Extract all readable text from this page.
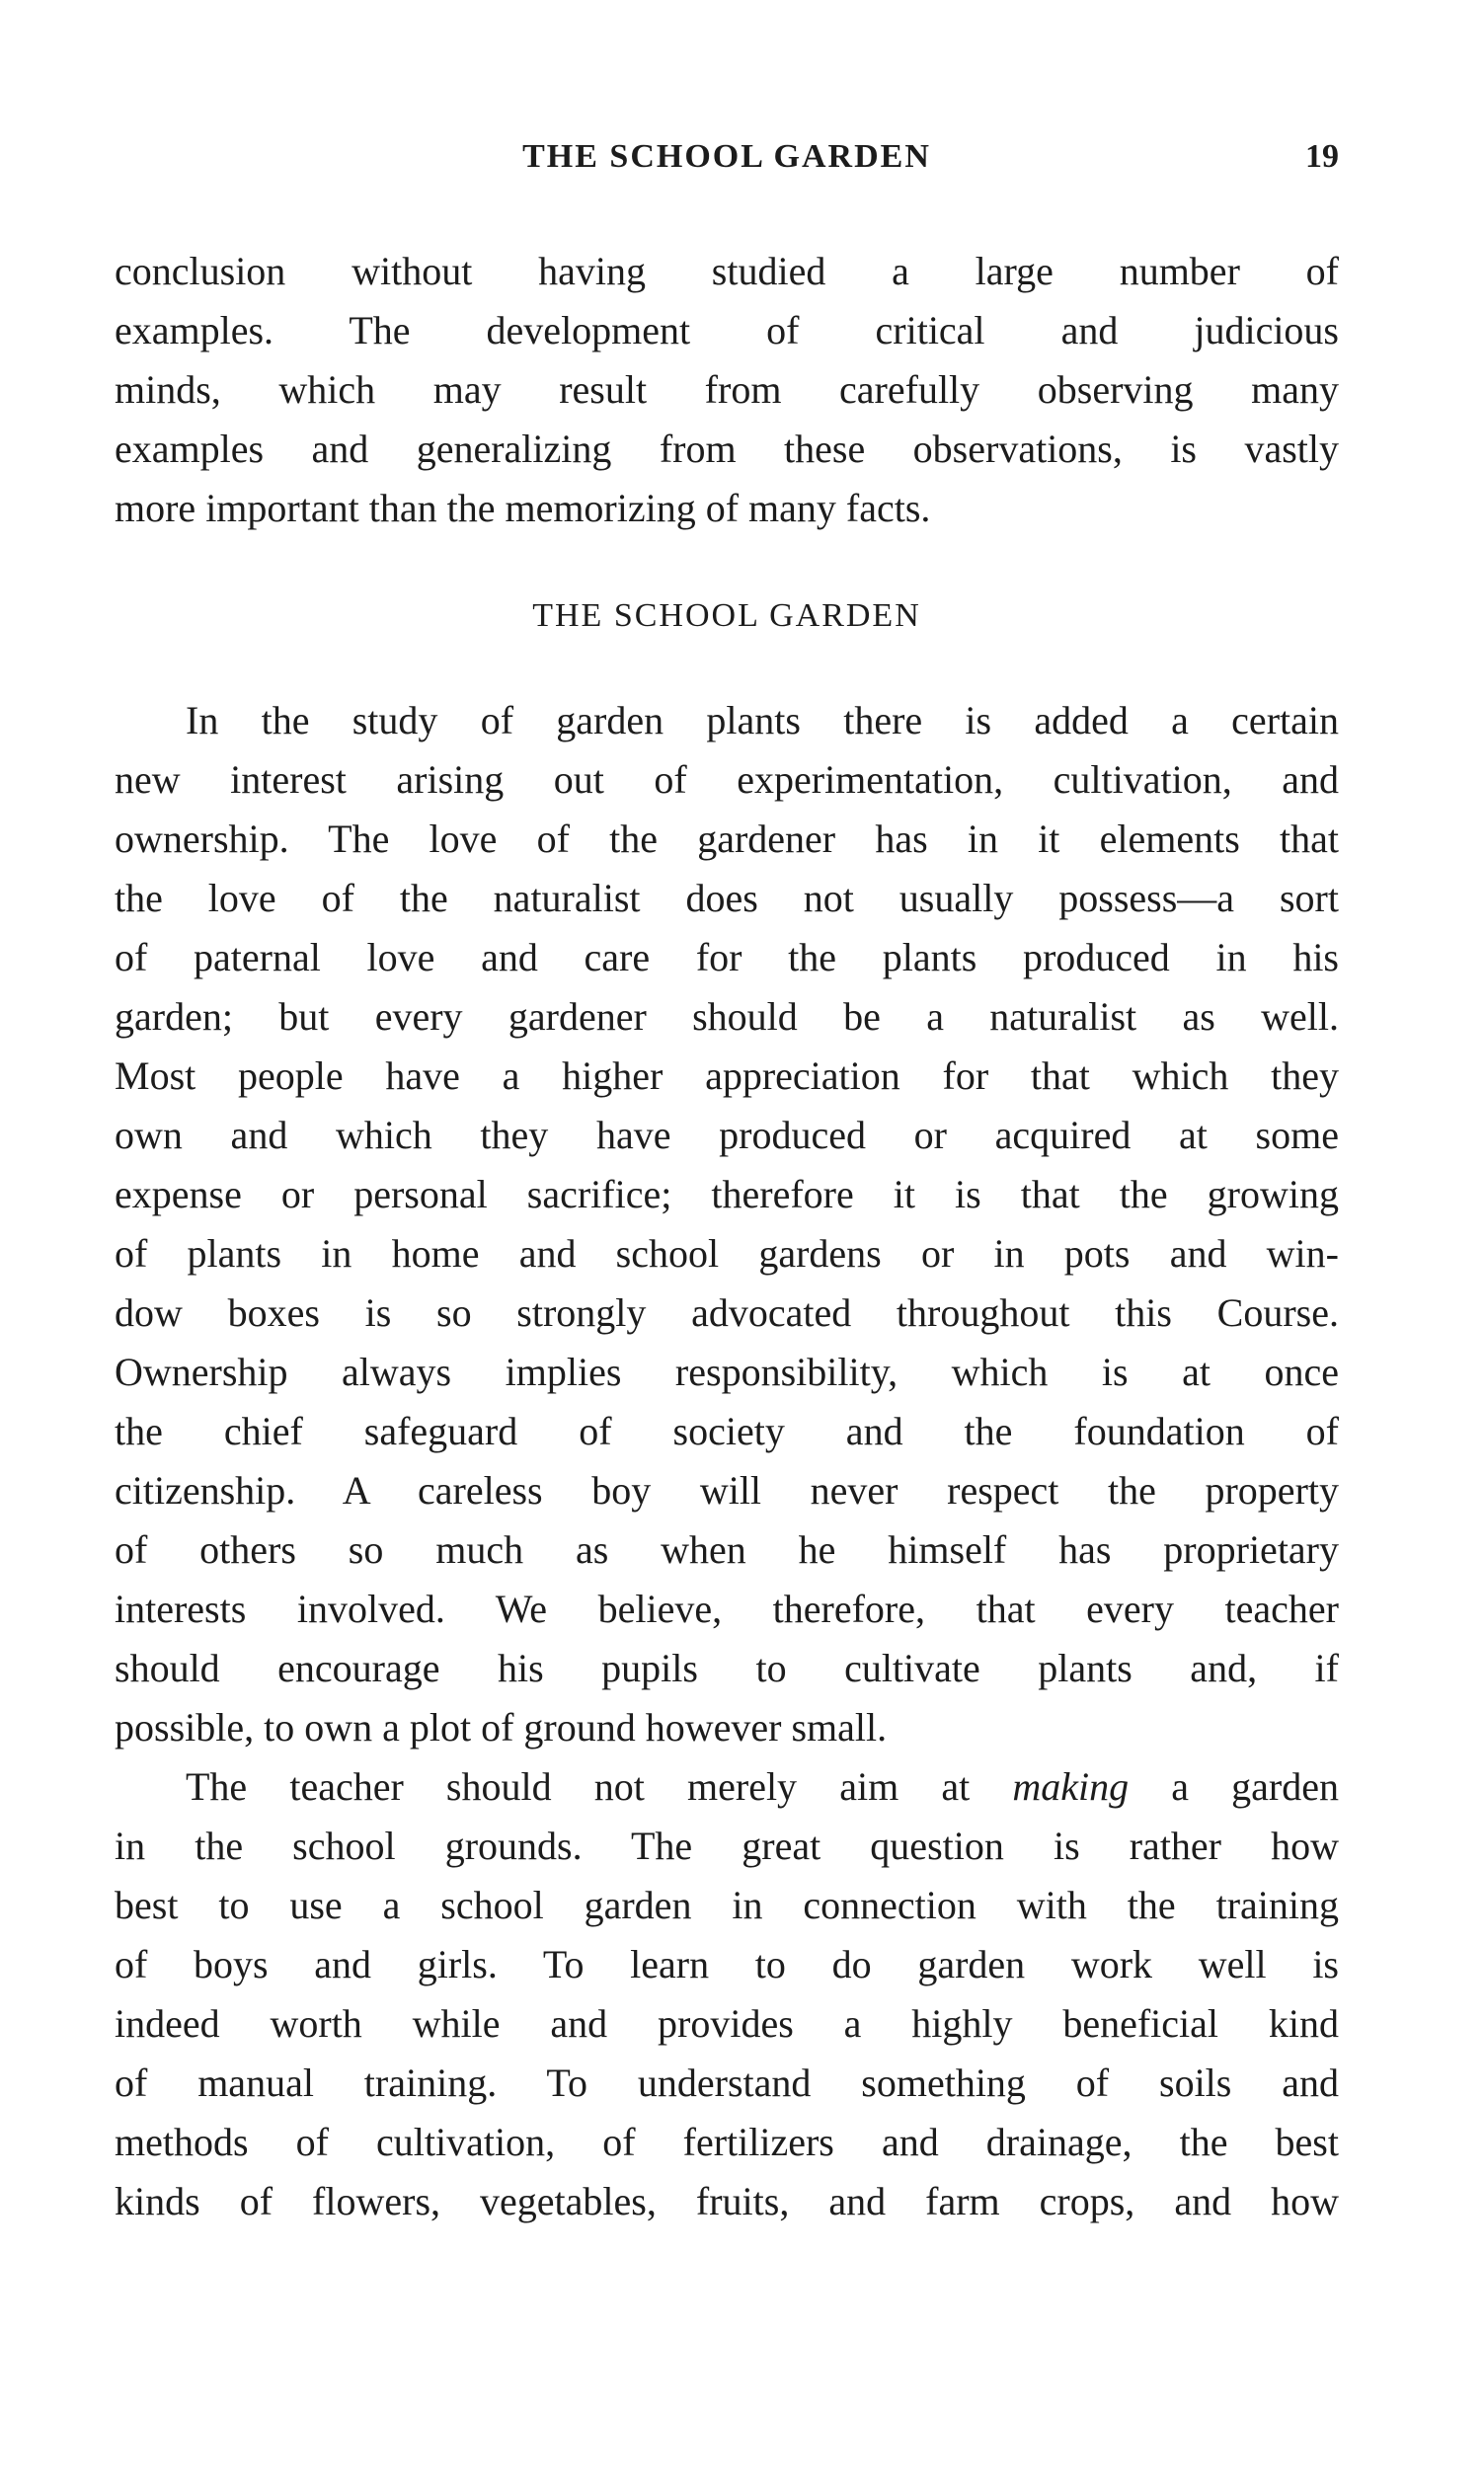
THE SCHOOL GARDEN	19
conclusion without having studied a large number of
examples. The development of critical and judicious
minds, which may result from carefully observing many
examples and generalizing from these observations, is vastly
more important than the memorizing of many facts.
THE SCHOOL GARDEN
In the study of garden plants there is added a certain
new interest arising out of experimentation, cultivation, and
ownership. The love of the gardener has in it elements that
the love of the naturalist does not usually possess—a sort
of paternal love and care for the plants produced in his
garden; but every gardener should be a naturalist as well.
Most people have a higher appreciation for that which they
own and which they have produced or acquired at some
expense or personal sacrifice; therefore it is that the growing
of plants in home and school gardens or in pots and win-
dow boxes is so strongly advocated throughout this Course.
Ownership always implies responsibility, which is at once
the chief safeguard of society and the foundation of
citizenship. A careless boy will never respect the property
of others so much as when he himself has proprietary
interests involved. We believe, therefore, that every teacher
should encourage his pupils to cultivate plants and, if
possible, to own a plot of ground however small.
The teacher should not merely aim at making a garden
in the school grounds. The great question is rather how
best to use a school garden in connection with the training
of boys and girls. To learn to do garden work well is
indeed worth while and provides a highly beneficial kind
of manual training. To understand something of soils and
methods of cultivation, of fertilizers and drainage, the best
kinds of flowers, vegetables, fruits, and farm crops, and how
